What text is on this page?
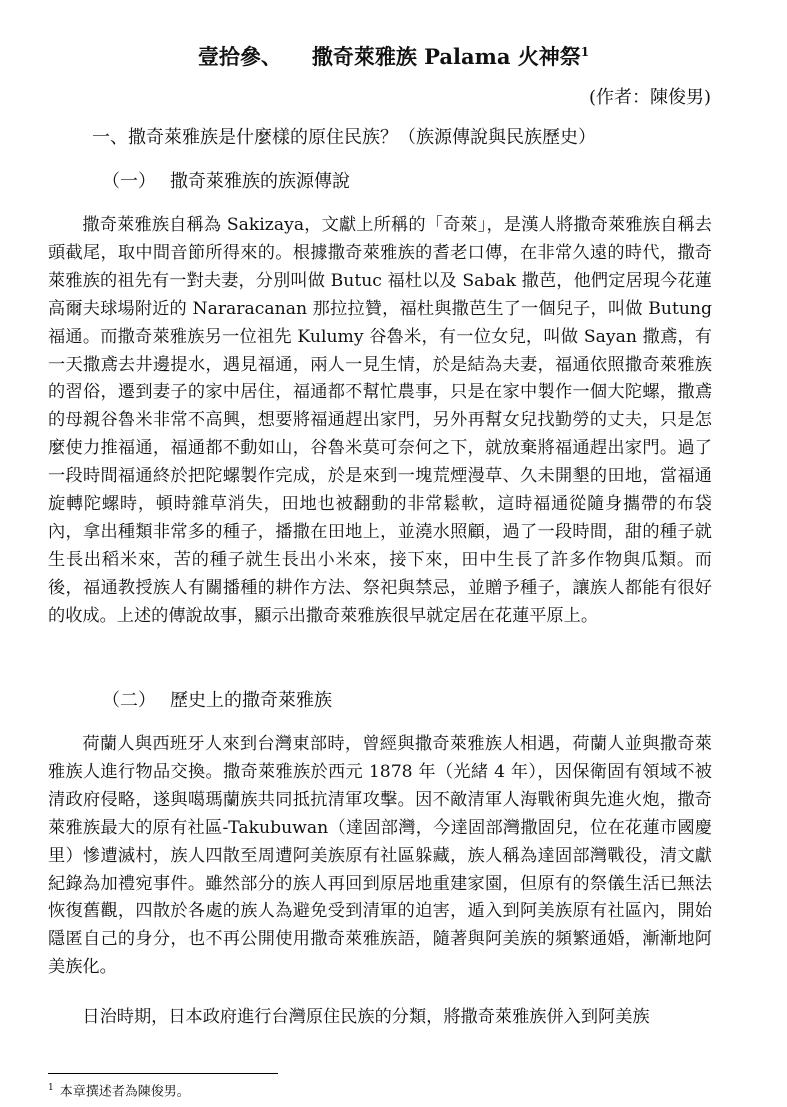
壹拾參、 撒奇萊雅族 Palama 火神祭$^1$
(作者：陳俊男)
一、撒奇萊雅族是什麼樣的原住民族？（族源傳說與民族歷史）
（一） 撒奇萊雅族的族源傳說

撒奇萊雅族自稱為 Sakizaya，文獻上所稱的「奇萊」，是漢人將撒奇萊雅族自稱去頭截尾，取中間音節所得來的。根據撒奇萊雅族的耆老口傳，在非常久遠的時代，撒奇萊雅族的祖先有一對夫妻，分別叫做 Butuc 福杜以及 Sabak 撒芭，他們定居現今花蓮高爾夫球場附近的 Nararacanan 那拉拉贊，福杜與撒芭生了一個兒子，叫做 Butung 福通。而撒奇萊雅族另一位祖先 Kulumy 谷魯米，有一位女兒，叫做 Sayan 撒鳶，有一天撒鳶去井邊提水，遇見福通，兩人一見生情，於是結為夫妻，福通依照撒奇萊雅族的習俗，遷到妻子的家中居住，福通都不幫忙農事，只是在家中製作一個大陀螺，撒鳶的母親谷魯米非常不高興，想要將福通趕出家門，另外再幫女兒找勤勞的丈夫，只是怎麼使力推福通，福通都不動如山，谷魯米莫可奈何之下，就放棄將福通趕出家門。過了一段時間福通終於把陀螺製作完成，於是來到一塊荒煙漫草、久未開墾的田地，當福通旋轉陀螺時，頓時雜草消失，田地也被翻動的非常鬆軟，這時福通從隨身攜帶的布袋內，拿出種類非常多的種子，播撒在田地上，並澆水照顧，過了一段時間，甜的種子就生長出稻米來，苦的種子就生長出小米來，接下來，田中生長了許多作物與瓜類。而後，福通教授族人有關播種的耕作方法、祭祀與禁忌，並贈予種子，讓族人都能有很好的收成。上述的傳說故事，顯示出撒奇萊雅族很早就定居在花蓮平原上。

（二） 歷史上的撒奇萊雅族

荷蘭人與西班牙人來到台灣東部時，曾經與撒奇萊雅族人相遇，荷蘭人並與撒奇萊雅族人進行物品交換。撒奇萊雅族於西元 1878 年（光緒 4 年），因保衛固有領域不被清政府侵略，遂與噶瑪蘭族共同抵抗清軍攻擊。因不敵清軍人海戰術與先進火炮，撒奇萊雅族最大的原有社區-Takubuwan（達固部灣，今達固部灣撒固兒，位在花蓮市國慶里）慘遭滅村，族人四散至周遭阿美族原有社區躲藏，族人稱為達固部灣戰役，清文獻紀錄為加禮宛事件。雖然部分的族人再回到原居地重建家園，但原有的祭儀生活已無法恢復舊觀，四散於各處的族人為避免受到清軍的迫害，遁入到阿美族原有社區內，開始隱匿自己的身分，也不再公開使用撒奇萊雅族語，隨著與阿美族的頻繁通婚，漸漸地阿美族化。

日治時期，日本政府進行台灣原住民族的分類，將撒奇萊雅族併入到阿美族

$^1$ 本章撰述者為陳俊男。
